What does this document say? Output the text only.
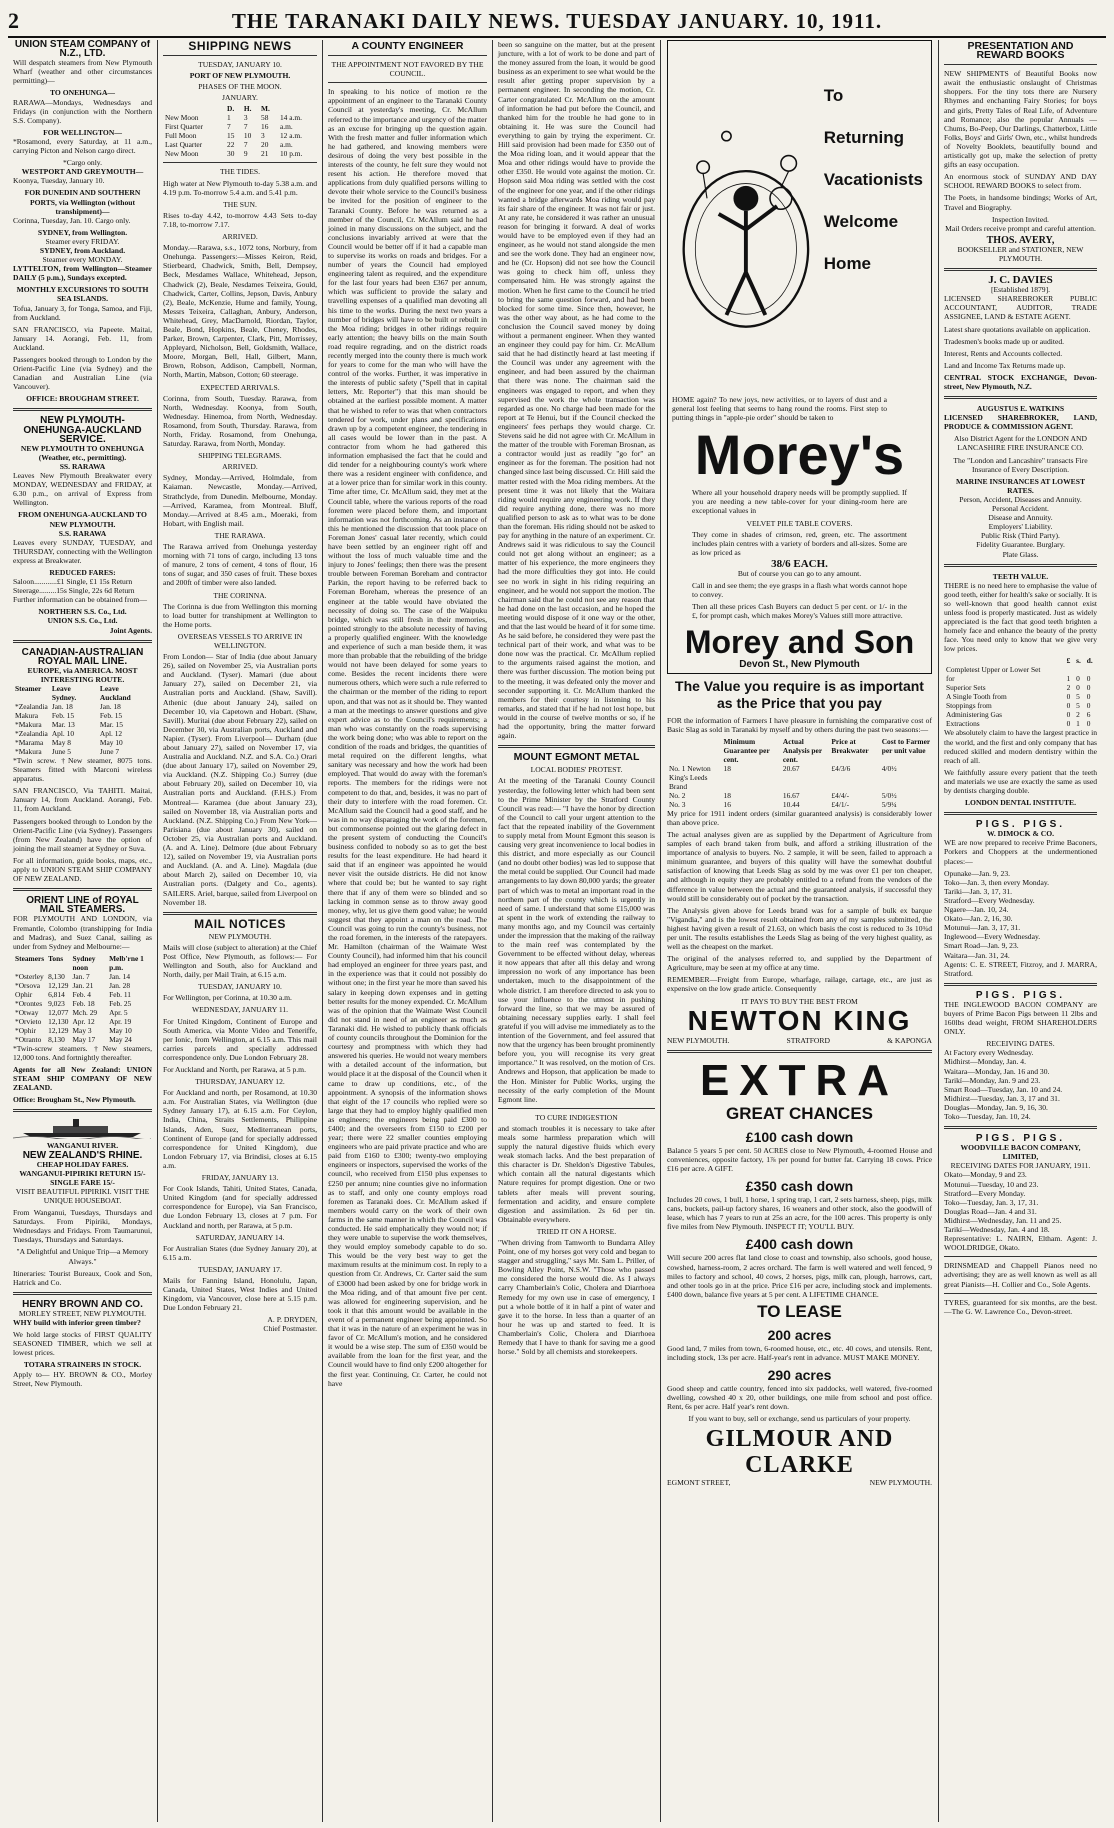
2	THE TARANAKI DAILY NEWS. TUESDAY JANUARY. 10, 1911.
UNION STEAM COMPANY of N.Z., LTD.

Will despatch steamers from New Plymouth Wharf (weather and other circumstances permitting)—

TO ONEHUNGA—

RARAWA—Mondays, Wednesdays and Fridays (in conjunction with the Northern S.S. Company).

FOR WELLINGTON—

*Rosamond, every Saturday, at 11 a.m., carrying Picton and Nelson cargo direct.

*Cargo only.
WESTPORT AND GREYMOUTH—

Koonya, Tuesday, January 10.

FOR DUNEDIN AND SOUTHERN PORTS, via Wellington (without transhipment)—

Corinna, Tuesday, Jan. 10. Cargo only.

SYDNEY, from Wellington.
Steamer every FRIDAY.
SYDNEY, from Auckland.
Steamer every MONDAY.

LYTTELTON, from Wellington—Steamer DAILY (5 p.m.), Sundays excepted.

MONTHLY EXCURSIONS TO SOUTH SEA ISLANDS.

Tofua, January 3, for Tonga, Samoa, and Fiji, from Auckland.

SAN FRANCISCO, via Papeete. Maitai, January 14. Aorangi, Feb. 11, from Auckland.

Passengers booked through to London by the Orient-Pacific Line (via Sydney) and the Canadian and Australian Line (via Vancouver).

OFFICE: BROUGHAM STREET.
NEW PLYMOUTH-ONEHUNGA-AUCKLAND SERVICE.
NEW PLYMOUTH TO ONEHUNGA (Weather, etc., permitting).
SS. RARAWA

Leaves New Plymouth Breakwater every MONDAY, WEDNESDAY and FRIDAY, at 6.30 p.m., on arrival of Express from Wellington.

FROM ONEHUNGA-AUCKLAND TO NEW PLYMOUTH.
S.S. RARAWA

Leaves every SUNDAY, TUESDAY, and THURSDAY, connecting with the Wellington express at Breakwater.

REDUCED FARES:
Saloon............£1 Single, £1 15s Return
Steerage.........15s Single, 22s 6d Return

Further information can be obtained from—

NORTHERN S.S. Co., Ltd.
UNION S.S. Co., Ltd.
Joint Agents.
CANADIAN-AUSTRALIAN ROYAL MAIL LINE.
EUROPE, via AMERICA. MOST INTERESTING ROUTE.
Steamer	Leave Sydney.	Leave Auckland
*Zealandia	Jan. 18	Jan. 18
Makura	Feb. 15	Feb. 15
*Makura	Mar. 13	Mar. 15
*Zealandia	Apl. 10	Apl. 12
*Marama	May 8	May 10
*Makura	June 5	June 7

*Twin screw. †New steamer, 8075 tons. Steamers fitted with Marconi wireless apparatus.

SAN FRANCISCO, Via TAHITI. Maitai, January 14, from Auckland. Aorangi, Feb. 11, from Auckland.

Passengers booked through to London by the Orient-Pacific Line (via Sydney). Passengers (from New Zealand) have the option of joining the mail steamer at Sydney or Suva.

For all information, guide books, maps, etc., apply to UNION STEAM SHIP COMPANY OF NEW ZEALAND.

ORIENT LINE of ROYAL MAIL STEAMERS.

FOR PLYMOUTH AND LONDON, via Fremantle, Colombo (transhipping for India and Madras), and Suez Canal, sailing as under from Sydney and Melbourne:—

Steamers	Tons	Sydney noon	Melb'rne 1 p.m.
*Osterley	8,130	Jan. 7	Jan. 14
*Orsova	12,129	Jan. 21	Jan. 28
Ophir	6,814	Feb. 4	Feb. 11
*Orontes	9,023	Feb. 18	Feb. 25
*Otway	12,077	Mch. 29	Apr. 5
*Orvieto	12,130	Apr. 12	Apr. 19
*Ophir	12,129	May 3	May 10
*Otranto	8,130	May 17	May 24

*Twin-screw steamers. †New steamers, 12,000 tons. And fortnightly thereafter.

Agents for all New Zealand: UNION STEAM SHIP COMPANY OF NEW ZEALAND.

Office: Brougham St., New Plymouth.

WANGANUI RIVER.
NEW ZEALAND'S RHINE.
CHEAP HOLIDAY FARES.
WANGANUI-PIPIRIKI RETURN 15/- SINGLE FARE 15/-

VISIT BEAUTIFUL PIPIRIKI. VISIT THE UNIQUE HOUSEBOAT.

From Wanganui, Tuesdays, Thursdays and Saturdays. From Pipiriki, Mondays, Wednesdays and Fridays. From Taumarunui, Tuesdays, Thursdays and Saturdays.

"A Delightful and Unique Trip—a Memory Always."

Itineraries: Tourist Bureaux, Cook and Son, Hatrick and Co.

HENRY BROWN AND CO.
MORLEY STREET, NEW PLYMOUTH.

WHY build with inferior green timber?

We hold large stocks of FIRST QUALITY SEASONED TIMBER, which we sell at lowest prices.

TOTARA STRAINERS IN STOCK.

Apply to— HY. BROWN & CO., Morley Street, New Plymouth.

SHIPPING NEWS
TUESDAY, JANUARY 10.
PORT OF NEW PLYMOUTH.
PHASES OF THE MOON.
JANUARY.
	D.	H.	M.	
New Moon	1	3	58	14 a.m.
First Quarter	7	7	16	a.m.
Full Moon	15	10	3	12 a.m.
Last Quarter	22	7	20	a.m.
New Moon	30	9	21	10 p.m.
THE TIDES.

High water at New Plymouth to-day 5.38 a.m. and 4.19 p.m. To-morrow 5.4 a.m. and 5.41 p.m.

THE SUN.

Rises to-day 4.42, to-morrow 4.43 Sets to-day 7.18, to-morrow 7.17.

ARRIVED.

Monday.—Rarawa, s.s., 1072 tons, Norbury, from Onehunga. Passengers:—Misses Keiron, Reid, Stierbeard, Chadwick, Smith, Bell, Dempsey, Beck, Mesdames Wallace, Whitehead, Jepson, Chadwick (2), Beale, Nesdames Teixeira, Gould, Chadwick, Carter, Collins, Jepson, Davis, Anbury (2), Beale, McKenzie, Hume and family, Young, Messrs Teixeira, Callaghan, Anbury, Anderson, Whitehead, Grey, MacDarnold, Riordan, Taylor, Beale, Bond, Hopkins, Beale, Cheney, Rhodes, Parker, Brown, Carpenter, Clark, Pitt, Morrissey, Appleyard, Nicholson, Bell, Goldsmith, Wallace, Moore, Morgan, Bell, Hall, Gilbert, Mann, Brown, Robson, Addison, Campbell, Norman, North, Martin, Mabson, Cotton; 60 steerage.

EXPECTED ARRIVALS.

Corinna, from South, Tuesday. Rarawa, from North, Wednesday. Koonya, from South, Wednesday. Hinemoa, from North, Wednesday. Rosamond, from South, Thursday. Rarawa, from North, Friday. Rosamond, from Onehunga, Saturday. Rarawa, from North, Monday.

SHIPPING TELEGRAMS.
ARRIVED.

Sydney, Monday.—Arrived, Holmdale, from Kaiaman. Newcastle, Monday.—Arrived, Strathclyde, from Dunedin. Melbourne, Monday.—Arrived, Karamea, from Montreal. Bluff, Monday.—Arrived at 8.45 a.m., Moeraki, from Hobart, with English mail.

THE RARAWA.

The Rarawa arrived from Onehunga yesterday morning with 71 tons of cargo, including 13 tons of manure, 2 tons of cement, 4 tons of flour, 16 tons of sugar, and 350 cases of fruit. These boxes and 200ft of timber were also landed.

THE CORINNA.

The Corinna is due from Wellington this morning to load butter for transhipment at Wellington to the Home ports.

OVERSEAS VESSELS TO ARRIVE IN WELLINGTON.

From London— Star of India (due about January 26), sailed on November 25, via Australian ports and Auckland. (Tyser). Mamari (due about January 27), sailed on December 21, via Australian ports and Auckland. (Shaw, Savill). Athenic (due about January 24), sailed on December 10, via Capetown and Hobart. (Shaw, Savill). Muritai (due about February 22), sailed on December 30, via Australian ports, Auckland and Napier. (Tyser). From Liverpool— Durham (due about January 27), sailed on November 17, via Australia and Auckland. N.Z. and S.A. Co.) Orari (due about January 17), sailed on November 29, via Auckland. (N.Z. Shipping Co.) Surrey (due about February 20), sailed on December 10, via Australian ports and Auckland. (F.H.S.) From Montreal— Karamea (due about January 23), sailed on November 18, via Australian ports and Auckland. (N.Z. Shipping Co.) From New York— Parisiana (due about January 30), sailed on October 25, via Australian ports and Auckland. (A. and A. Line). Delmore (due about February 12), sailed on November 19, via Australian ports and Auckland. (A. and A. Line). Magdala (due about March 2), sailed on December 10, via Australian ports. (Dalgety and Co., agents). SAILERS. Ariel, barque, sailed from Liverpool on November 18.

MAIL NOTICES
NEW PLYMOUTH.

Mails will close (subject to alteration) at the Chief Post Office, New Plymouth, as follows:— For Wellington and South, also for Auckland and North, daily, per Mail Train, at 6.15 a.m.

TUESDAY, JANUARY 10.

For Wellington, per Corinna, at 10.30 a.m.

WEDNESDAY, JANUARY 11.

For United Kingdom, Continent of Europe and South America, via Monte Video and Teneriffe, per Ionic, from Wellington, at 6.15 a.m. This mail carries parcels and specially addressed correspondence only. Due London February 28.

For Auckland and North, per Rarawa, at 5 p.m.

THURSDAY, JANUARY 12.

For Auckland and north, per Rosamond, at 10.30 a.m. For Australian States, via Wellington (due Sydney January 17), at 6.15 a.m. For Ceylon, India, China, Straits Settlements, Philippine Islands, Aden, Suez, Mediterranean ports, Continent of Europe (and for specially addressed correspondence for United Kingdom), due London February 17, via Brindisi, closes at 6.15 a.m.

FRIDAY, JANUARY 13.

For Cook Islands, Tahiti, United States, Canada, United Kingdom (and for specially addressed correspondence for Europe), via San Francisco, due London February 13, closes at 7 p.m. For Auckland and north, per Rarawa, at 5 p.m.

SATURDAY, JANUARY 14.

For Australian States (due Sydney January 20), at 6.15 a.m.

TUESDAY, JANUARY 17.

Mails for Fanning Island, Honolulu, Japan, Canada, United States, West Indies and United Kingdom, via Vancouver, close here at 5.15 p.m. Due London February 21.

A. P. DRYDEN,
Chief Postmaster.
A COUNTY ENGINEER
THE APPOINTMENT NOT FAVORED BY THE COUNCIL.

In speaking to his notice of motion re the appointment of an engineer to the Taranaki County Council at yesterday's meeting, Cr. McAllum referred to the importance and urgency of the matter as an excuse for bringing up the question again. With the fresh matter and fuller information which he had gathered, and knowing members were desirous of doing the very best possible in the interests of the county, he felt sure they would not resent his action. He therefore moved that applications from duly qualified persons willing to devote their whole service to the Council's business be invited for the position of engineer to the Taranaki County. Before he was returned as a member of the Council, Cr. McAllum said he had joined in many discussions on the subject, and the conclusions invariably arrived at were that the Council would be better off if it had a capable man to supervise its works on roads and bridges. For a number of years the Council had employed engineering talent as required, and the expenditure for the last four years had been £367 per annum, which was sufficient to provide the salary and travelling expenses of a qualified man devoting all his time to the works. During the next two years a number of bridges will have to be built or rebuilt in the Moa riding; bridges in other ridings require early attention; the heavy bills on the main South road require regrading, and on the district roads recently merged into the county there is much work for years to come for the man who will have the control of the works. Further, it was imperative in the interests of public safety ("Spell that in capital letters, Mr. Reporter") that this man should be obtained at the earliest possible moment. A matter that he wished to refer to was that when contractors tendered for work, under plans and specifications drawn up by a competent engineer, the tendering in all cases would be lower than in the past. A contractor from whom he had gathered this information emphasised the fact that he could and did tender for a neighbouring county's work where there was a resident engineer with confidence, and at a lower price than for similar work in this county. Time after time, Cr. McAllum said, they met at the Council table, where the various reports of the road foremen were placed before them, and important information was not forthcoming. As an instance of this he mentioned the discussion that took place on Foreman Jones' casual later recently, which could have been settled by an engineer right off and without the loss of much valuable time and the injury to Jones' feelings; then there was the present trouble between Foreman Boreham and contractor Parkin, the report having to be referred back to Foreman Boreham, whereas the presence of an engineer at the table would have obviated the necessity of doing so. The case of the Waipuku bridge, which was still fresh in their memories, pointed strongly to the absolute necessity of having a properly qualified engineer. With the knowledge and experience of such a man beside them, it was more than probable that the rebuilding of the bridge would not have been delayed for some years to come. Besides the recent incidents there were numerous others, which were such a rule referred to the chairman or the member of the riding to report upon, and that was not as it should be. They wanted a man at the meetings to answer questions and give expert advice as to the Council's requirements; a man who was constantly on the roads supervising the work being done; who was able to report on the condition of the roads and bridges, the quantities of metal required on the different lengths, what sanitary was necessary and how the work had been employed. That would do away with the foreman's reports. The members for the ridings were not competent to do that, and, besides, it was no part of their duty to interfere with the road foremen. Cr. McAllum said the Council had a good staff, and he was in no way disparaging the work of the foremen, but commonsense pointed out the glaring defect in the present system of conducting the Council's business confided to nobody so as to get the best results for the least expenditure. He had heard it said that if an engineer was appointed he would never visit the outside districts. He did not know where that could be; but he wanted to say right there that if any of them were so blinded and so lacking in common sense as to throw away good money, why, let us give them good value; he would suggest that they appoint a man on the road. The Council was going to run the county's business, not the road foremen, in the interests of the ratepayers. Mr. Hamilton (chairman of the Waimate West County Council), had informed him that his council had employed an engineer for three years past, and in the experience was that it could not possibly do without one; in the first year he more than saved his salary in keeping down expenses and in getting better results for the money expended. Cr. McAllum was of the opinion that the Waimate West Council did not stand in need of an engineer as much as Taranaki did. He wished to publicly thank officials of county councils throughout the Dominion for the courtesy and promptness with which they had answered his queries. He would not weary members with a detailed account of the information, but would place it at the disposal of the Council when it came to draw up conditions, etc., of the appointment. A synopsis of the information shows that eight of the 17 councils who replied were so large that they had to employ highly qualified men as engineers; the engineers being paid £300 to £400; and the overseers from £150 to £200 per year; there were 22 smaller counties employing engineers who are paid private practice and who are paid from £160 to £300; twenty-two employing engineers or inspectors, supervised the works of the council, who received from £150 plus expenses to £250 per annum; nine counties give no information as to staff, and only one county employs road foremen as Taranaki does. Cr. McAllum asked if members would carry on the work of their own farms in the same manner in which the Council was conducted. He said emphatically they would not; if they were unable to supervise the work themselves, they would employ somebody capable to do so. This would be the very best way to get the maximum results at the minimum cost. In reply to a question from Cr. Andrews, Cr. Carter said the sum of £3000 had been asked by one for bridge work in the Moa riding, and of that amount five per cent. was allowed for engineering supervision, and he took it that this amount would be available in the event of a permanent engineer being appointed. So that it was in the nature of an experiment he was in favor of Cr. McAllum's motion, and he considered it would be a wise step. The sum of £350 would be available from the loan for the first year, and the Council would have to find only £200 altogether for the first year. Continuing, Cr. Carter, he could not have

been so sanguine on the matter, but at the present juncture, with a lot of work to be done and part of the money assured from the loan, it would be good business as an experiment to see what would be the result after getting proper supervision by a permanent engineer. In seconding the motion, Cr. Carter congratulated Cr. McAllum on the amount of information he had put before the Council, and thanked him for the trouble he had gone to in obtaining it. He was sure the Council had everything to gain by trying the experiment. Cr. Hill said provision had been made for £350 out of the Moa riding loan, and it would appear that the Moa and other ridings would have to provide the other £350. He would vote against the motion. Cr. Hopson said Moa riding was settled with the cost of the engineer for one year, and if the other ridings wanted a bridge afterwards Moa riding would pay its fair share of the engineer. It was not fair or just. At any rate, he considered it was rather an unusual reason for bringing it forward. A deal of works would have to be employed even if they had an engineer, as he would not stand alongside the men and see the work done. They had an engineer now, and he (Cr. Hopson) did not see how the Council was going to check him off, unless they compensated him. He was strongly against the motion. When he first came to the Council he tried to bring the same question forward, and had been blocked for some time. Since then, however, he was the other way about, as he had come to the conclusion the Council saved money by doing without a permanent engineer. When they wanted an engineer they could pay for him. Cr. McAllum said that he had distinctly heard at last meeting if the Council was under any agreement with the engineer, and had been assured by the chairman that there was none. The chairman said the engineers was engaged to report, and when they supervised the work the whole transaction was regarded as one. No charge had been made for the report at Te Henui, but if the Council checked the engineers' fees perhaps they would charge. Cr. Stevens said he did not agree with Cr. McAllum in the matter of the trouble with Foreman Brosnan, as a contractor would just as readily "go for" an engineer as for the foreman. The position had not changed since last being discussed. Cr. Hill said the matter rested with the Moa riding members. At the present time it was not likely that the Waitara riding would require any engineering work. If they did require anything done, there was no more qualified person to ask as to what was to be done than the foreman. His riding should not be asked to pay for anything in the nature of an experiment. Cr. Andrews said it was ridiculous to say the Council could not get along without an engineer; as a matter of his experience, the more engineers they had the more difficulties they got into. He could see no work in sight in his riding requiring an engineer, and he would not support the motion. The chairman said that he could not see any reason that he had done on the last occasion, and he hoped the meeting would dispose of it one way or the other, and that the last would be heard of it for some time. As he said before, he considered they were past the technical part of their work, and what was to be done now was the practical. Cr. McAllum replied to the arguments raised against the motion, and there was further discussion. The motion being put to the meeting, it was defeated only the mover and seconder supporting it. Cr. McAllum thanked the members for their courtesy in listening to his remarks, and stated that if he had not lost hope, but would in the course of twelve months or so, if he had the opportunity, bring the matter forward again.

MOUNT EGMONT METAL
LOCAL BODIES' PROTEST.

At the meeting of the Taranaki County Council yesterday, the following letter which had been sent to the Prime Minister by the Stratford County Council was read:— "I have the honor by direction of the Council to call your urgent attention to the fact that the repeated inability of the Government to supply metal from Mount Egmont this season is causing very great inconvenience to local bodies in this district, and more especially as our Council (and no doubt other bodies) was led to suppose that the metal could be supplied. Our Council had made arrangements to lay down 80,000 yards; the greater part of which was to metal an important road in the northern part of the county which is urgently in need of same. I understand that some £15,000 was at spent in the work of extending the railway to many months ago, and my Council was certainly under the impression that the making of the railway to the main reef was contemplated by the Government to be effected without delay, whereas it now appears that after all this delay and wrong impression no work of any importance has been undertaken, much to the disappointment of the whole district. I am therefore directed to ask you to use your influence to the utmost in pushing forward the line, so that we may be assured of obtaining necessary supplies early. I shall feel grateful if you will advise me immediately as to the intention of the Government, and feel assured that now that the urgency has been brought prominently before you, you will recognise its very great importance." It was resolved, on the motion of Crs. Andrews and Hopson, that application be made to the Hon. Minister for Public Works, urging the necessity of the early completion of the Mount Egmont line.

TO CURE INDIGESTION

and stomach troubles it is necessary to take after meals some harmless preparation which will supply the natural digestive fluids which every weak stomach lacks. And the best preparation of this character is Dr. Sheldon's Digestive Tabules, which contain all the natural digestants which Nature requires for prompt digestion. One or two tablets after meals will prevent souring, fermentation and acidity, and ensure complete digestion and assimilation. 2s 6d per tin. Obtainable everywhere.

TRIED IT ON A HORSE.

"When driving from Tamworth to Bundarra Alley Point, one of my horses got very cold and began to stagger and struggling," says Mr. Sam L. Priller, of Bowling Alley Point, N.S.W. "Those who passed me considered the horse would die. As I always carry Chamberlain's Colic, Cholera and Diarrhoea Remedy for my own use in case of emergency, I put a whole bottle of it in half a pint of water and gave it to the horse. In less than a quarter of an hour he was up and started to feed. It is Chamberlain's Colic, Cholera and Diarrhoea Remedy that I have to thank for saving me a good horse." Sold by all chemists and storekeepers.

To
Returning
Vacationists
Welcome
Home

HOME again? To new joys, new activities, or to layers of dust and a general lost feeling that seems to hang round the rooms. First step to putting things in "apple-pie order" should be taken to

Morey's

Where all your household drapery needs will be promptly supplied. If you are needing a new table-cover for your dining-room here are exceptional values in

VELVET PILE TABLE COVERS.

They come in shades of crimson, red, green, etc. The assortment includes plain centres with a variety of borders and all-sizes. Some are as low priced as

38/6 EACH.
But of course you can go to any amount.

Call in and see them; the eye grasps in a flash what words cannot hope to convey.

Then all these prices Cash Buyers can deduct 5 per cent. or 1/- in the £, for prompt cash, which makes Morey's Values still more attractive.

Morey and Son
Devon St., New Plymouth
The Value you require is as important as the Price that you pay

FOR the information of Farmers I have pleasure in furnishing the comparative cost of Basic Slag as sold in Taranaki by myself and by others during the past two seasons:—

	Minimum Guarantee per cent.	Actual Analysis per cent.	Price at Breakwater	Cost to Farmer per unit value
No. 1 Newton King's Leeds Brand	18	20.67	£4/3/6	4/0½
No. 2	18	16.67	£4/4/-	5/0½
No. 3	16	10.44	£4/1/-	5/9¼

My price for 1911 indent orders (similar guaranteed analysis) is considerably lower than above price.

The actual analyses given are as supplied by the Department of Agriculture from samples of each brand taken from bulk, and afford a striking illustration of the importance of analysis to buyers. No. 2 sample, it will be seen, failed to approach a minimum guarantee, and buyers of this quality will have the somewhat doubtful satisfaction of knowing that Leeds Slag as sold by me was over £1 per ton cheaper, and although in equity they are probably entitled to a refund from the vendors of the difference in value between the actual and the guaranteed analysis, if successful they would still be considerably out of pocket by the transaction.

The Analysis given above for Leeds brand was for a sample of bulk ex barque "Vigandia," and is the lowest result obtained from any of my samples submitted, the highest having given a result of 21.63, on which basis the cost is reduced to 3s 10¾d per unit. The results establishes the Leeds Slag as being of the very highest quality, as well as the cheapest on the market.

The original of the analyses referred to, and supplied by the Department of Agriculture, may be seen at my office at any time.

REMEMBER—Freight from Europe, wharfage, railage, cartage, etc., are just as expensive on the low grade article. Consequently

IT PAYS TO BUY THE BEST FROM
NEWTON KING
NEW PLYMOUTH.	STRATFORD	& KAPONGA
EXTRA
GREAT CHANCES
£100 cash down

Balance 5 years 5 per cent. 50 ACRES close to New Plymouth, 4-roomed House and conveniences, opposite factory, 1⅞ per pound for butter fat. Carrying 18 cows. Price £16 per acre. A GIFT.

£350 cash down

Includes 20 cows, 1 bull, 1 horse, 1 spring trap, 1 cart, 2 sets harness, sheep, pigs, milk cans, buckets, pail-up factory shares, 16 weaners and other stock, also the goodwill of lease, which has 7 years to run at 25s an acre, for the 100 acres. This property is only five miles from New Plymouth. INSPECT IT; YOU'LL BUY.

£400 cash down

Will secure 200 acres flat land close to coast and township, also schools, good house, cowshed, harness-room, 2 acres orchard. The farm is well watered and well fenced, 9 miles to factory and school, 40 cows, 2 horses, pigs, milk can, plough, harrows, cart, and other tools go in at the price. Price £16 per acre, including stock and implements. £400 down, balance five years at 5 per cent. A LIFETIME CHANCE.

TO LEASE
200 acres

Good land, 7 miles from town, 6-roomed house, etc., etc. 40 cows, and utensils. Rent, including stock, 13s per acre. Half-year's rent in advance. MUST MAKE MONEY.

290 acres

Good sheep and cattle country, fenced into six paddocks, well watered, five-roomed dwelling, cowshed 40 x 20, other buildings, one mile from school and post office. Rent, 6s per acre. Half year's rent down.

If you want to buy, sell or exchange, send us particulars of your property.

GILMOUR AND CLARKE
EGMONT STREET,	NEW PLYMOUTH.
PRESENTATION AND REWARD BOOKS

NEW SHIPMENTS of Beautiful Books now await the enthusiastic onslaught of Christmas shoppers. For the tiny tots there are Nursery Rhymes and enchanting Fairy Stories; for boys and girls, Pretty Tales of Real Life, of Adventure and Romance; also the popular Annuals — Chums, Bo-Peep, Our Darlings, Chatterbox, Little Folks, Boys' and Girls' Own, etc., whilst hundreds of Novelty Booklets, beautifully bound and artistically got up, make the selection of pretty gifts an easy occupation.

An enormous stock of SUNDAY AND DAY SCHOOL REWARD BOOKS to select from.

The Poets, in handsome bindings; Works of Art, Travel and Biography.

Inspection Invited.

Mail Orders receive prompt and careful attention.

THOS. AVERY,
BOOKSELLER and STATIONER, NEW PLYMOUTH.
J. C. DAVIES
[Established 1879].

LICENSED SHAREBROKER PUBLIC ACCOUNTANT, AUDITOR, TRADE ASSIGNEE, LAND & ESTATE AGENT.

Latest share quotations available on application.

Tradesmen's books made up or audited.

Interest, Rents and Accounts collected.

Land and Income Tax Returns made up.

CENTRAL STOCK EXCHANGE, Devon-street, New Plymouth, N.Z.

AUGUSTUS E. WATKINS

LICENSED SHAREBROKER, LAND, PRODUCE & COMMISSION AGENT.

Also District Agent for the LONDON AND LANCASHIRE FIRE INSURANCE CO.

The "London and Lancashire" transacts Fire Insurance of Every Description.

MARINE INSURANCES AT LOWEST RATES.
Person, Accident, Diseases and Annuity.
Personal Accident.
Disease and Annuity.
Employers' Liability.
Public Risk (Third Party).
Fidelity Guarantee. Burglary.
Plate Glass.
TEETH VALUE.

THERE is no need here to emphasise the value of good teeth, either for health's sake or socially. It is so well-known that good health cannot exist unless food is properly masticated. Just as widely appreciated is the fact that good teeth brighten a homely face and enhance the beauty of the pretty face. You need only to know that we give very low prices.

	£	s.	d.
Completest Upper or Lower Set			
for	1	0	0
Superior Sets	2	0	0
A Single Tooth from	0	5	0
Stoppings from	0	5	0
Administering Gas	0	2	6
Extractions	0	1	0

We absolutely claim to have the largest practice in the world, and the first and only company that has reduced skilled and modern dentistry within the reach of all.

We faithfully assure every patient that the teeth and materials we use are exactly the same as used by dentists charging double.

LONDON DENTAL INSTITUTE.
PIGS. PIGS.
W. DIMOCK & CO.

WE are now prepared to receive Prime Baconers, Porkers and Choppers at the undermentioned places:—

Opunake—Jan. 9, 23.
Toko—Jan. 3, then every Monday.
Tariki—Jan. 3, 17, 31.
Stratford—Every Wednesday.
Ngaere—Jan. 10, 24.
Okato—Jan. 2, 16, 30.
Motunui—Jan. 3, 17, 31.
Inglewood—Every Wednesday.
Smart Road—Jan. 9, 23.
Waitara—Jan. 31, 24.

Agents: C. E. STREET, Fitzroy, and J. MARRA, Stratford.

PIGS. PIGS.

THE INGLEWOOD BACON COMPANY are buyers of Prime Bacon Pigs between 11 2lbs and 160lbs dead weight, FROM SHAREHOLDERS ONLY.

RECEIVING DATES.
At Factory every Wednesday.
Midhirst—Monday, Jan. 4.
Waitara—Monday, Jan. 16 and 30.
Tarikí—Monday, Jan. 9 and 23.
Smart Road—Tuesday, Jan. 10 and 24.
Midhirst—Tuesday, Jan. 3, 17 and 31.
Douglas—Monday, Jan. 9, 16, 30.
Toko—Tuesday, Jan. 10, 24.
PIGS. PIGS.
WOODVILLE BACON COMPANY, LIMITED,
RECEIVING DATES FOR JANUARY, 1911.
Okato—Monday, 9 and 23.
Motunui—Tuesday, 10 and 23.
Stratford—Every Monday.
Toko—Tuesday, Jan. 3, 17, 31.
Douglas Road—Jan. 4 and 31.
Midhirst—Wednesday, Jan. 11 and 25.
Tarikí—Wednesday, Jan. 4 and 18.

Representative: L. NAIRN, Eltham. Agent: J. WOOLDRIDGE, Okato.

DRINSMEAD and Chappell Pianos need no advertising; they are as well known as well as all great Pianists—H. Collier and Co., Sole Agents.

TYRES, guaranteed for six months, are the best.—The G. W. Lawrence Co., Devon-street.
